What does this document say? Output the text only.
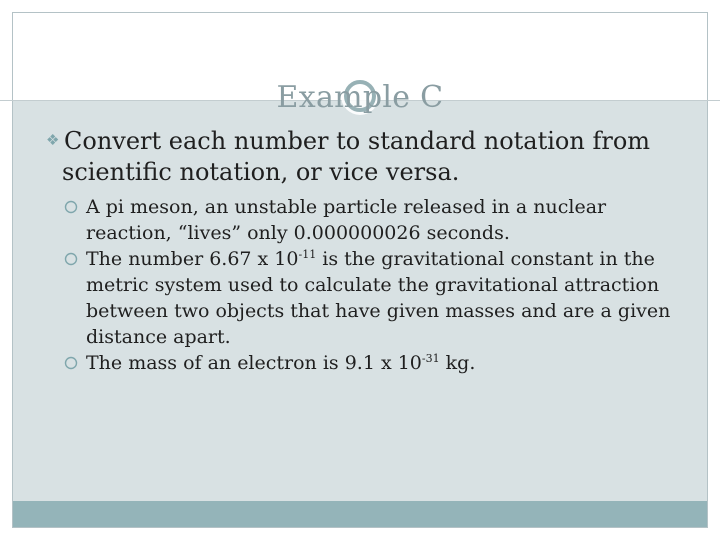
Example C

❖ Convert each number to standard notation from
scientific notation, or vice versa.

A pi meson, an unstable particle released in a nuclear reaction, “lives” only 0.000000026 seconds.
The number 6.67 x $10^{-11}$ is the gravitational constant in the metric system used to calculate the gravitational attraction between two objects that have given masses and are a given distance apart.
The mass of an electron is 9.1 x $10^{-31}$ kg.
